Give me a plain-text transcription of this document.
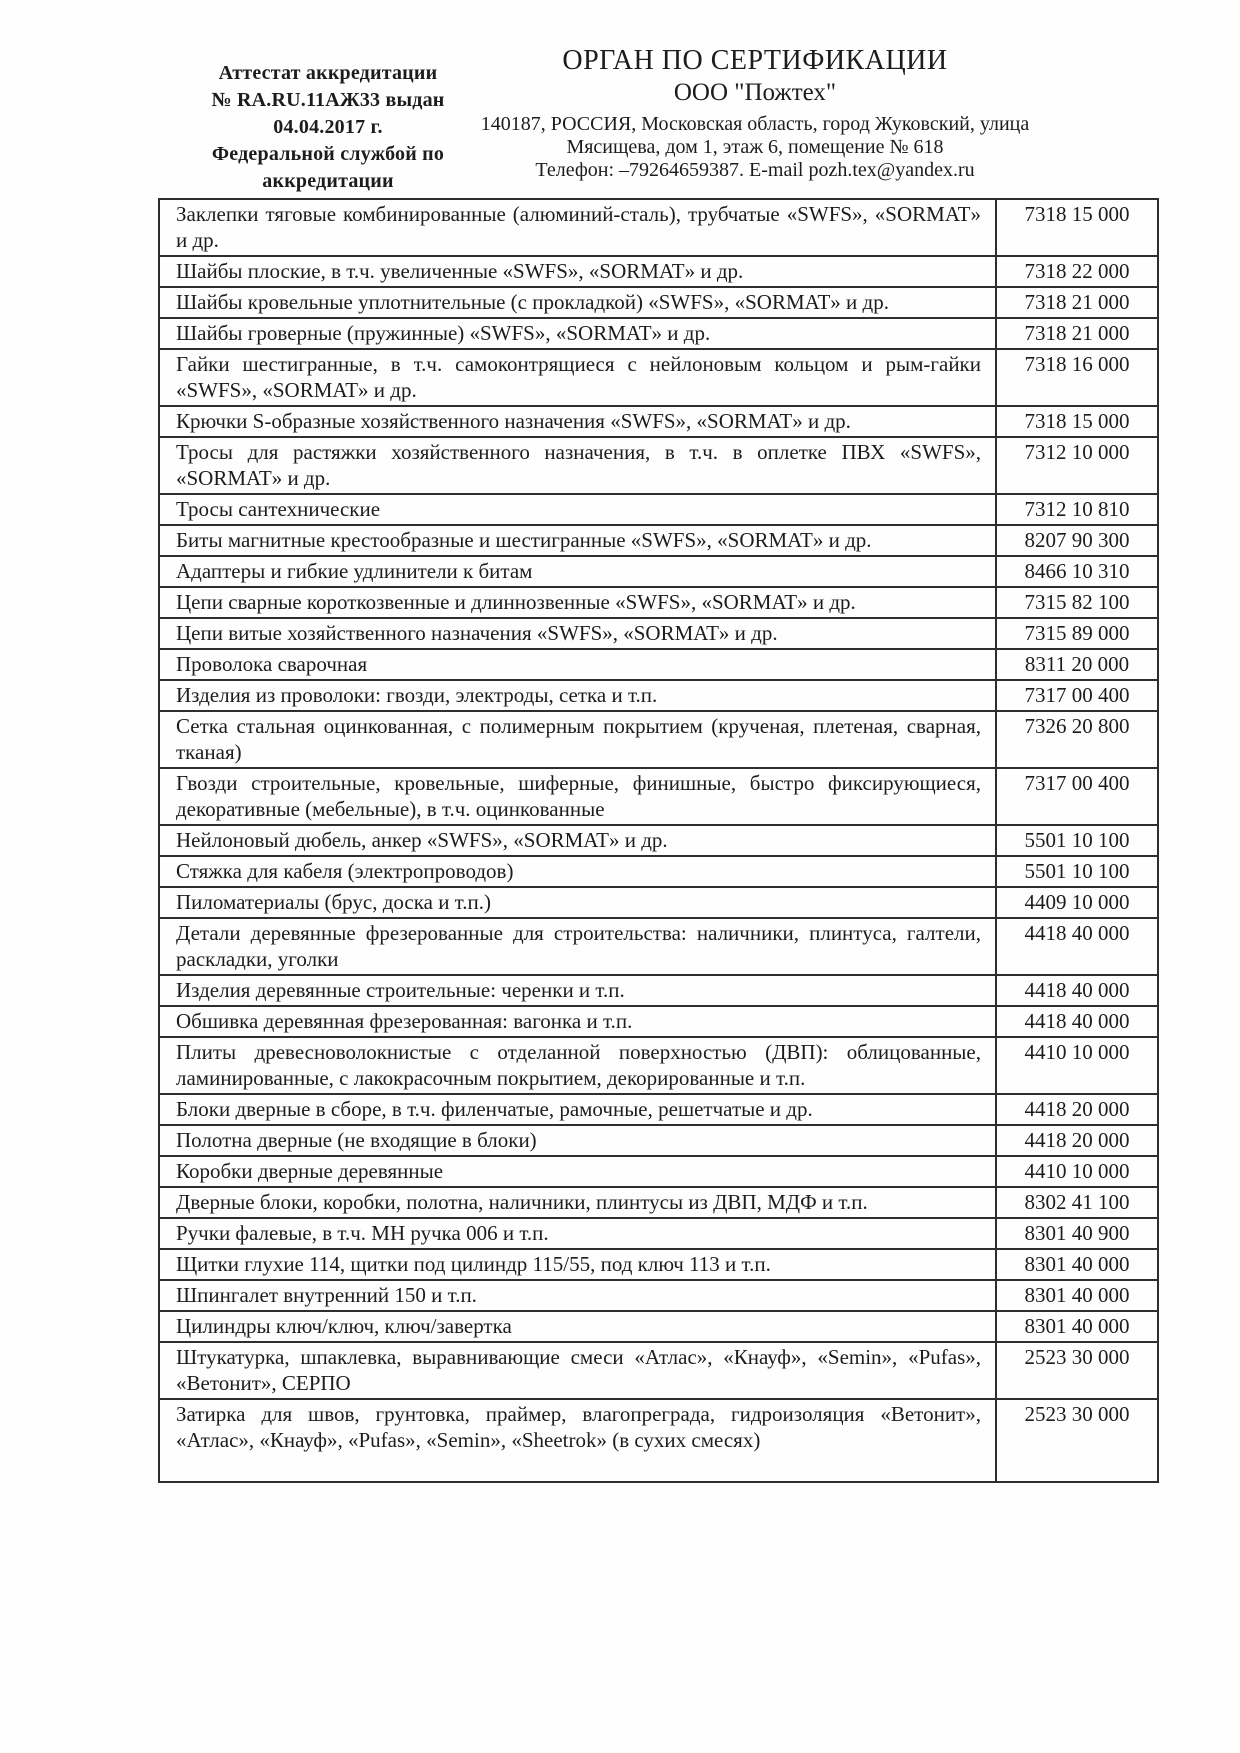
Аттестат аккредитации
№ RA.RU.11АЖ33 выдан
04.04.2017 г.
Федеральной службой по
аккредитации
ОРГАН ПО СЕРТИФИКАЦИИ
ООО "Пожтех"
140187, РОССИЯ, Московская область, город Жуковский, улица
Мясищева, дом 1, этаж 6, помещение № 618
Телефон: –79264659387. E-mail pozh.tex@yandex.ru
Заклепки тяговые комбинированные (алюминий-сталь), трубчатые «SWFS», «SORMAT» и др.	7318 15 000
Шайбы плоские, в т.ч. увеличенные «SWFS», «SORMAT» и др.	7318 22 000
Шайбы кровельные уплотнительные (с прокладкой) «SWFS», «SORMAT» и др.	7318 21 000
Шайбы гроверные (пружинные) «SWFS», «SORMAT» и др.	7318 21 000
Гайки шестигранные, в т.ч. самоконтрящиеся с нейлоновым кольцом и рым-гайки «SWFS», «SORMAT» и др.	7318 16 000
Крючки S-образные хозяйственного назначения «SWFS», «SORMAT» и др.	7318 15 000
Тросы для растяжки хозяйственного назначения, в т.ч. в оплетке ПВХ «SWFS», «SORMAT» и др.	7312 10 000
Тросы сантехнические	7312 10 810
Биты магнитные крестообразные и шестигранные «SWFS», «SORMAT» и др.	8207 90 300
Адаптеры и гибкие удлинители к битам	8466 10 310
Цепи сварные короткозвенные и длиннозвенные «SWFS», «SORMAT» и др.	7315 82 100
Цепи витые хозяйственного назначения «SWFS», «SORMAT» и др.	7315 89 000
Проволока сварочная	8311 20 000
Изделия из проволоки: гвозди, электроды, сетка и т.п.	7317 00 400
Сетка стальная оцинкованная, с полимерным покрытием (крученая, плетеная, сварная, тканая)	7326 20 800
Гвозди строительные, кровельные, шиферные, финишные, быстро фиксирующиеся, декоративные (мебельные), в т.ч. оцинкованные	7317 00 400
Нейлоновый дюбель, анкер «SWFS», «SORMAT» и др.	5501 10 100
Стяжка для кабеля (электропроводов)	5501 10 100
Пиломатериалы (брус, доска и т.п.)	4409 10 000
Детали деревянные фрезерованные для строительства: наличники, плинтуса, галтели, раскладки, уголки	4418 40 000
Изделия деревянные строительные: черенки и т.п.	4418 40 000
Обшивка деревянная фрезерованная: вагонка и т.п.	4418 40 000
Плиты древесноволокнистые с отделанной поверхностью (ДВП): облицованные, ламинированные, с лакокрасочным покрытием, декорированные и т.п.	4410 10 000
Блоки дверные в сборе, в т.ч. филенчатые, рамочные, решетчатые и др.	4418 20 000
Полотна дверные (не входящие в блоки)	4418 20 000
Коробки дверные деревянные	4410 10 000
Дверные блоки, коробки, полотна, наличники, плинтусы из ДВП, МДФ и т.п.	8302 41 100
Ручки фалевые, в т.ч. МН ручка 006 и т.п.	8301 40 900
Щитки глухие 114, щитки под цилиндр 115/55, под ключ 113 и т.п.	8301 40 000
Шпингалет внутренний 150 и т.п.	8301 40 000
Цилиндры ключ/ключ, ключ/завертка	8301 40 000
Штукатурка, шпаклевка, выравнивающие смеси «Атлас», «Кнауф», «Semin», «Pufas», «Ветонит», СЕРПО	2523 30 000
Затирка для швов, грунтовка, праймер, влагопреграда, гидроизоляция «Ветонит», «Атлас», «Кнауф», «Pufas», «Semin», «Sheetrok» (в сухих смесях)	2523 30 000
